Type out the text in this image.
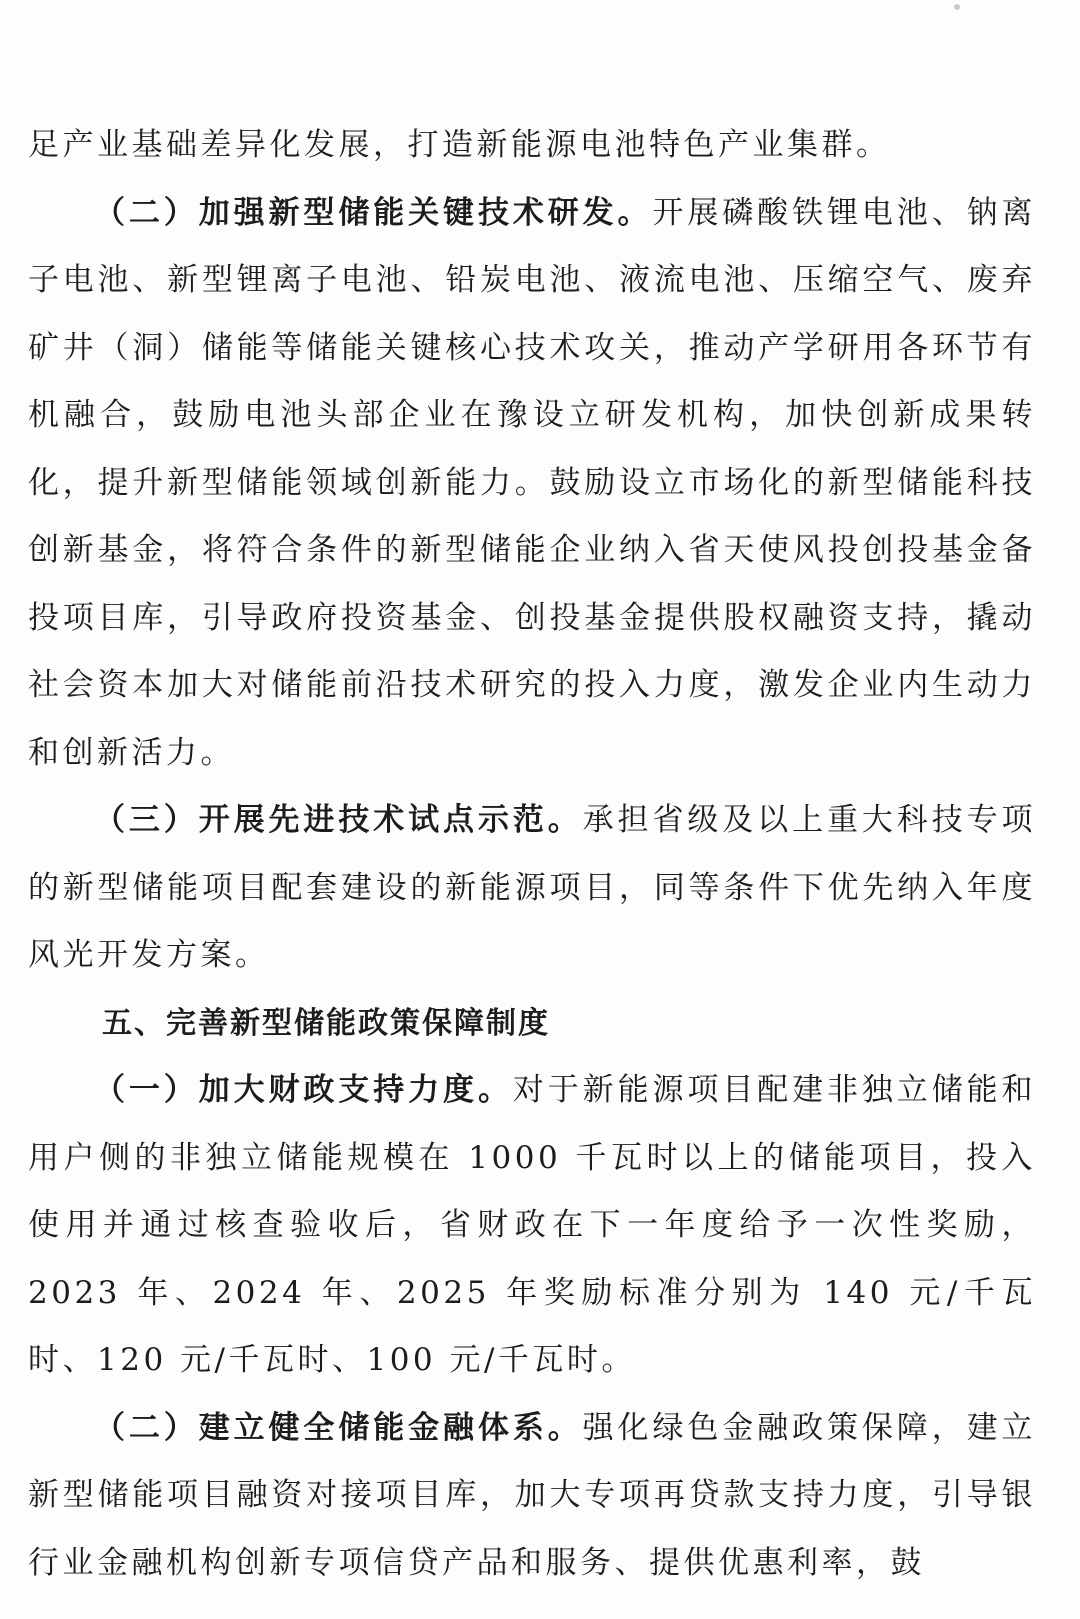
足产业基础差异化发展，打造新能源电池特色产业集群。

（二）加强新型储能关键技术研发。开展磷酸铁锂电池、钠离子电池、新型锂离子电池、铅炭电池、液流电池、压缩空气、废弃矿井（洞）储能等储能关键核心技术攻关，推动产学研用各环节有机融合，鼓励电池头部企业在豫设立研发机构，加快创新成果转化，提升新型储能领域创新能力。鼓励设立市场化的新型储能科技创新基金，将符合条件的新型储能企业纳入省天使风投创投基金备投项目库，引导政府投资基金、创投基金提供股权融资支持，撬动社会资本加大对储能前沿技术研究的投入力度，激发企业内生动力和创新活力。

（三）开展先进技术试点示范。承担省级及以上重大科技专项的新型储能项目配套建设的新能源项目，同等条件下优先纳入年度风光开发方案。

五、完善新型储能政策保障制度

（一）加大财政支持力度。对于新能源项目配建非独立储能和用户侧的非独立储能规模在 1000 千瓦时以上的储能项目，投入使用并通过核查验收后，省财政在下一年度给予一次性奖励，2023 年、2024 年、2025 年奖励标准分别为 140 元/千瓦时、120 元/千瓦时、100 元/千瓦时。

（二）建立健全储能金融体系。强化绿色金融政策保障，建立新型储能项目融资对接项目库，加大专项再贷款支持力度，引导银行业金融机构创新专项信贷产品和服务、提供优惠利率，鼓
